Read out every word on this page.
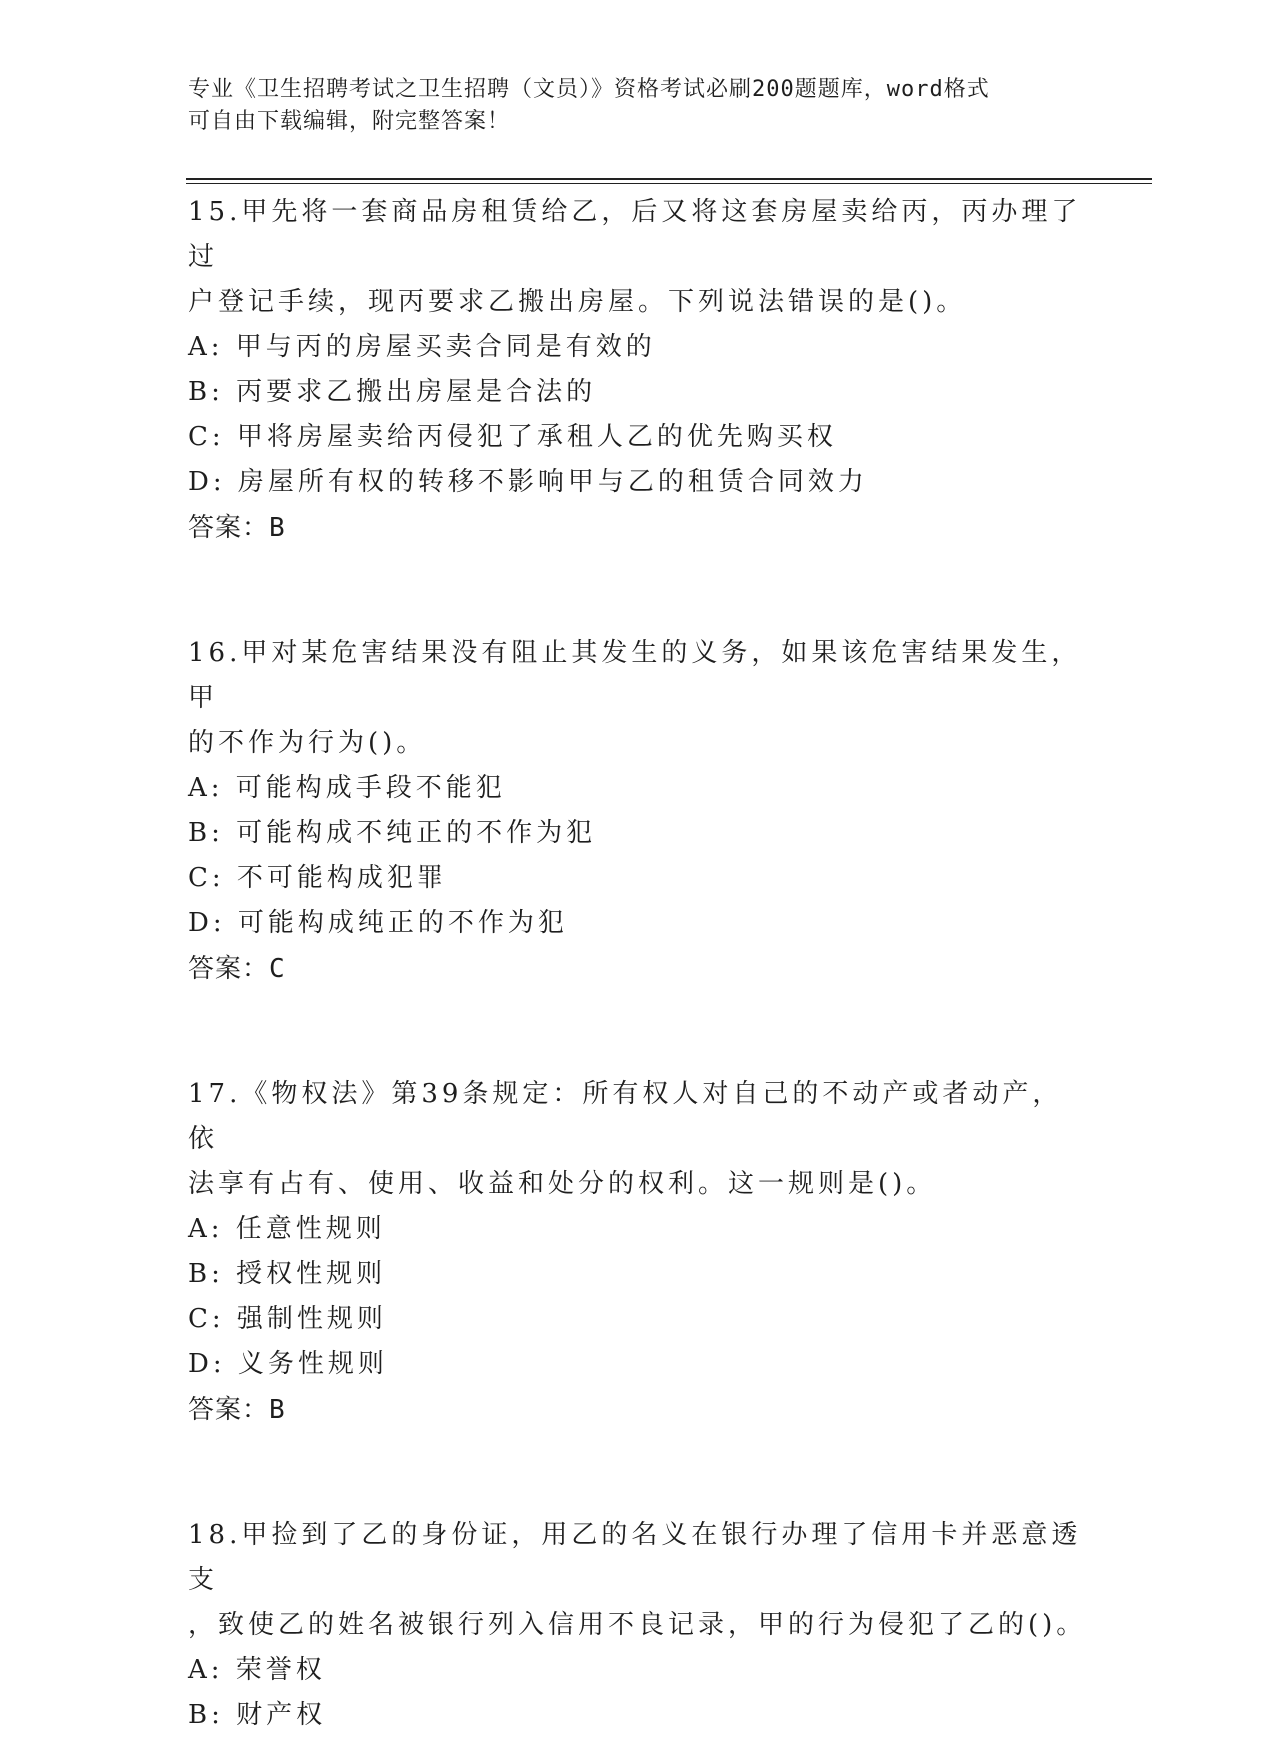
专业《卫生招聘考试之卫生招聘（文员）》资格考试必刷200题题库，word格式
可自由下载编辑，附完整答案！
15.甲先将一套商品房租赁给乙，后又将这套房屋卖给丙，丙办理了过
户登记手续，现丙要求乙搬出房屋。下列说法错误的是()。
A: 甲与丙的房屋买卖合同是有效的
B: 丙要求乙搬出房屋是合法的
C: 甲将房屋卖给丙侵犯了承租人乙的优先购买权
D: 房屋所有权的转移不影响甲与乙的租赁合同效力
答案：B
16.甲对某危害结果没有阻止其发生的义务，如果该危害结果发生，甲
的不作为行为()。
A: 可能构成手段不能犯
B: 可能构成不纯正的不作为犯
C: 不可能构成犯罪
D: 可能构成纯正的不作为犯
答案：C
17.《物权法》第39条规定：所有权人对自己的不动产或者动产，依
法享有占有、使用、收益和处分的权利。这一规则是()。
A: 任意性规则
B: 授权性规则
C: 强制性规则
D: 义务性规则
答案：B
18.甲捡到了乙的身份证，用乙的名义在银行办理了信用卡并恶意透支
，致使乙的姓名被银行列入信用不良记录，甲的行为侵犯了乙的()。
A: 荣誉权
B: 财产权
